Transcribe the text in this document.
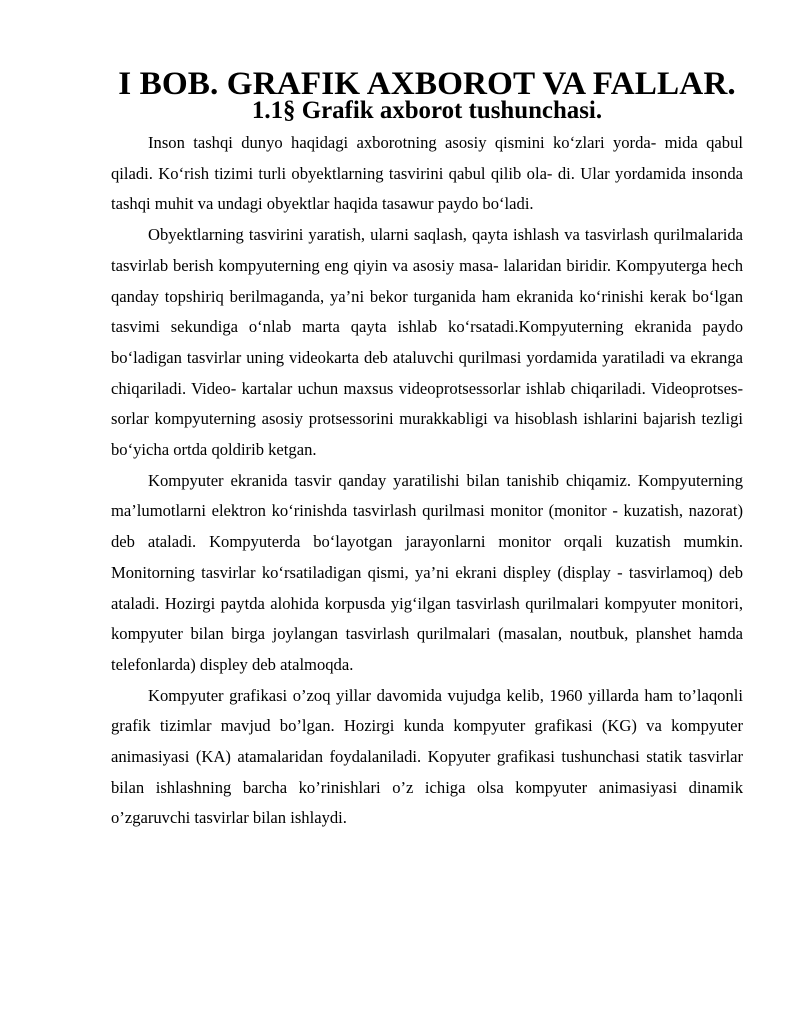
I BOB. GRAFIK AXBOROT VA FALLAR.
1.1§ Grafik axborot tushunchasi.

Inson tashqi dunyo haqidagi axborotning asosiy qismini ko‘zlari yorda- mida qabul qiladi. Ko‘rish tizimi turli obyektlarning tasvirini qabul qilib ola- di. Ular yordamida insonda tashqi muhit va undagi obyektlar haqida tasawur paydo bo‘ladi.

Obyektlarning tasvirini yaratish, ularni saqlash, qayta ishlash va tasvirlash qurilmalarida tasvirlab berish kompyuterning eng qiyin va asosiy masa- lalaridan biridir. Kompyuterga hech qanday topshiriq berilmaganda, ya’ni bekor turganida ham ekranida ko‘rinishi kerak bo‘lgan tasvimi sekundiga o‘nlab marta qayta ishlab ko‘rsatadi.Kompyuterning ekranida paydo bo‘ladigan tasvirlar uning videokarta deb ataluvchi qurilmasi yordamida yaratiladi va ekranga chiqariladi. Video- kartalar uchun maxsus videoprotsessorlar ishlab chiqariladi. Videoprotses- sorlar kompyuterning asosiy protsessorini murakkabligi va hisoblash ishlarini bajarish tezligi bo‘yicha ortda qoldirib ketgan.

Kompyuter ekranida tasvir qanday yaratilishi bilan tanishib chiqamiz. Kompyuterning ma’lumotlarni elektron ko‘rinishda tasvirlash qurilmasi monitor (monitor - kuzatish, nazorat) deb ataladi. Kompyuterda bo‘layotgan jarayonlarni monitor orqali kuzatish mumkin. Monitorning tasvirlar ko‘rsatiladigan qismi, ya’ni ekrani displey (display - tasvirlamoq) deb ataladi. Hozirgi paytda alohida korpusda yig‘ilgan tasvirlash qurilmalari kompyuter monitori, kompyuter bilan birga joylangan tasvirlash qurilmalari (masalan, noutbuk, planshet hamda telefonlarda) displey deb atalmoqda.

Kompyuter grafikasi o’zoq yillar davomida vujudga kelib, 1960 yillarda ham to’laqonli grafik tizimlar mavjud bo’lgan. Hozirgi kunda kompyuter grafikasi (KG) va kompyuter animasiyasi (KA) atamalaridan foydalaniladi. Kopyuter grafikasi tushunchasi statik tasvirlar bilan ishlashning barcha ko’rinishlari o’z ichiga olsa kompyuter animasiyasi dinamik o’zgaruvchi tasvirlar bilan ishlaydi.
